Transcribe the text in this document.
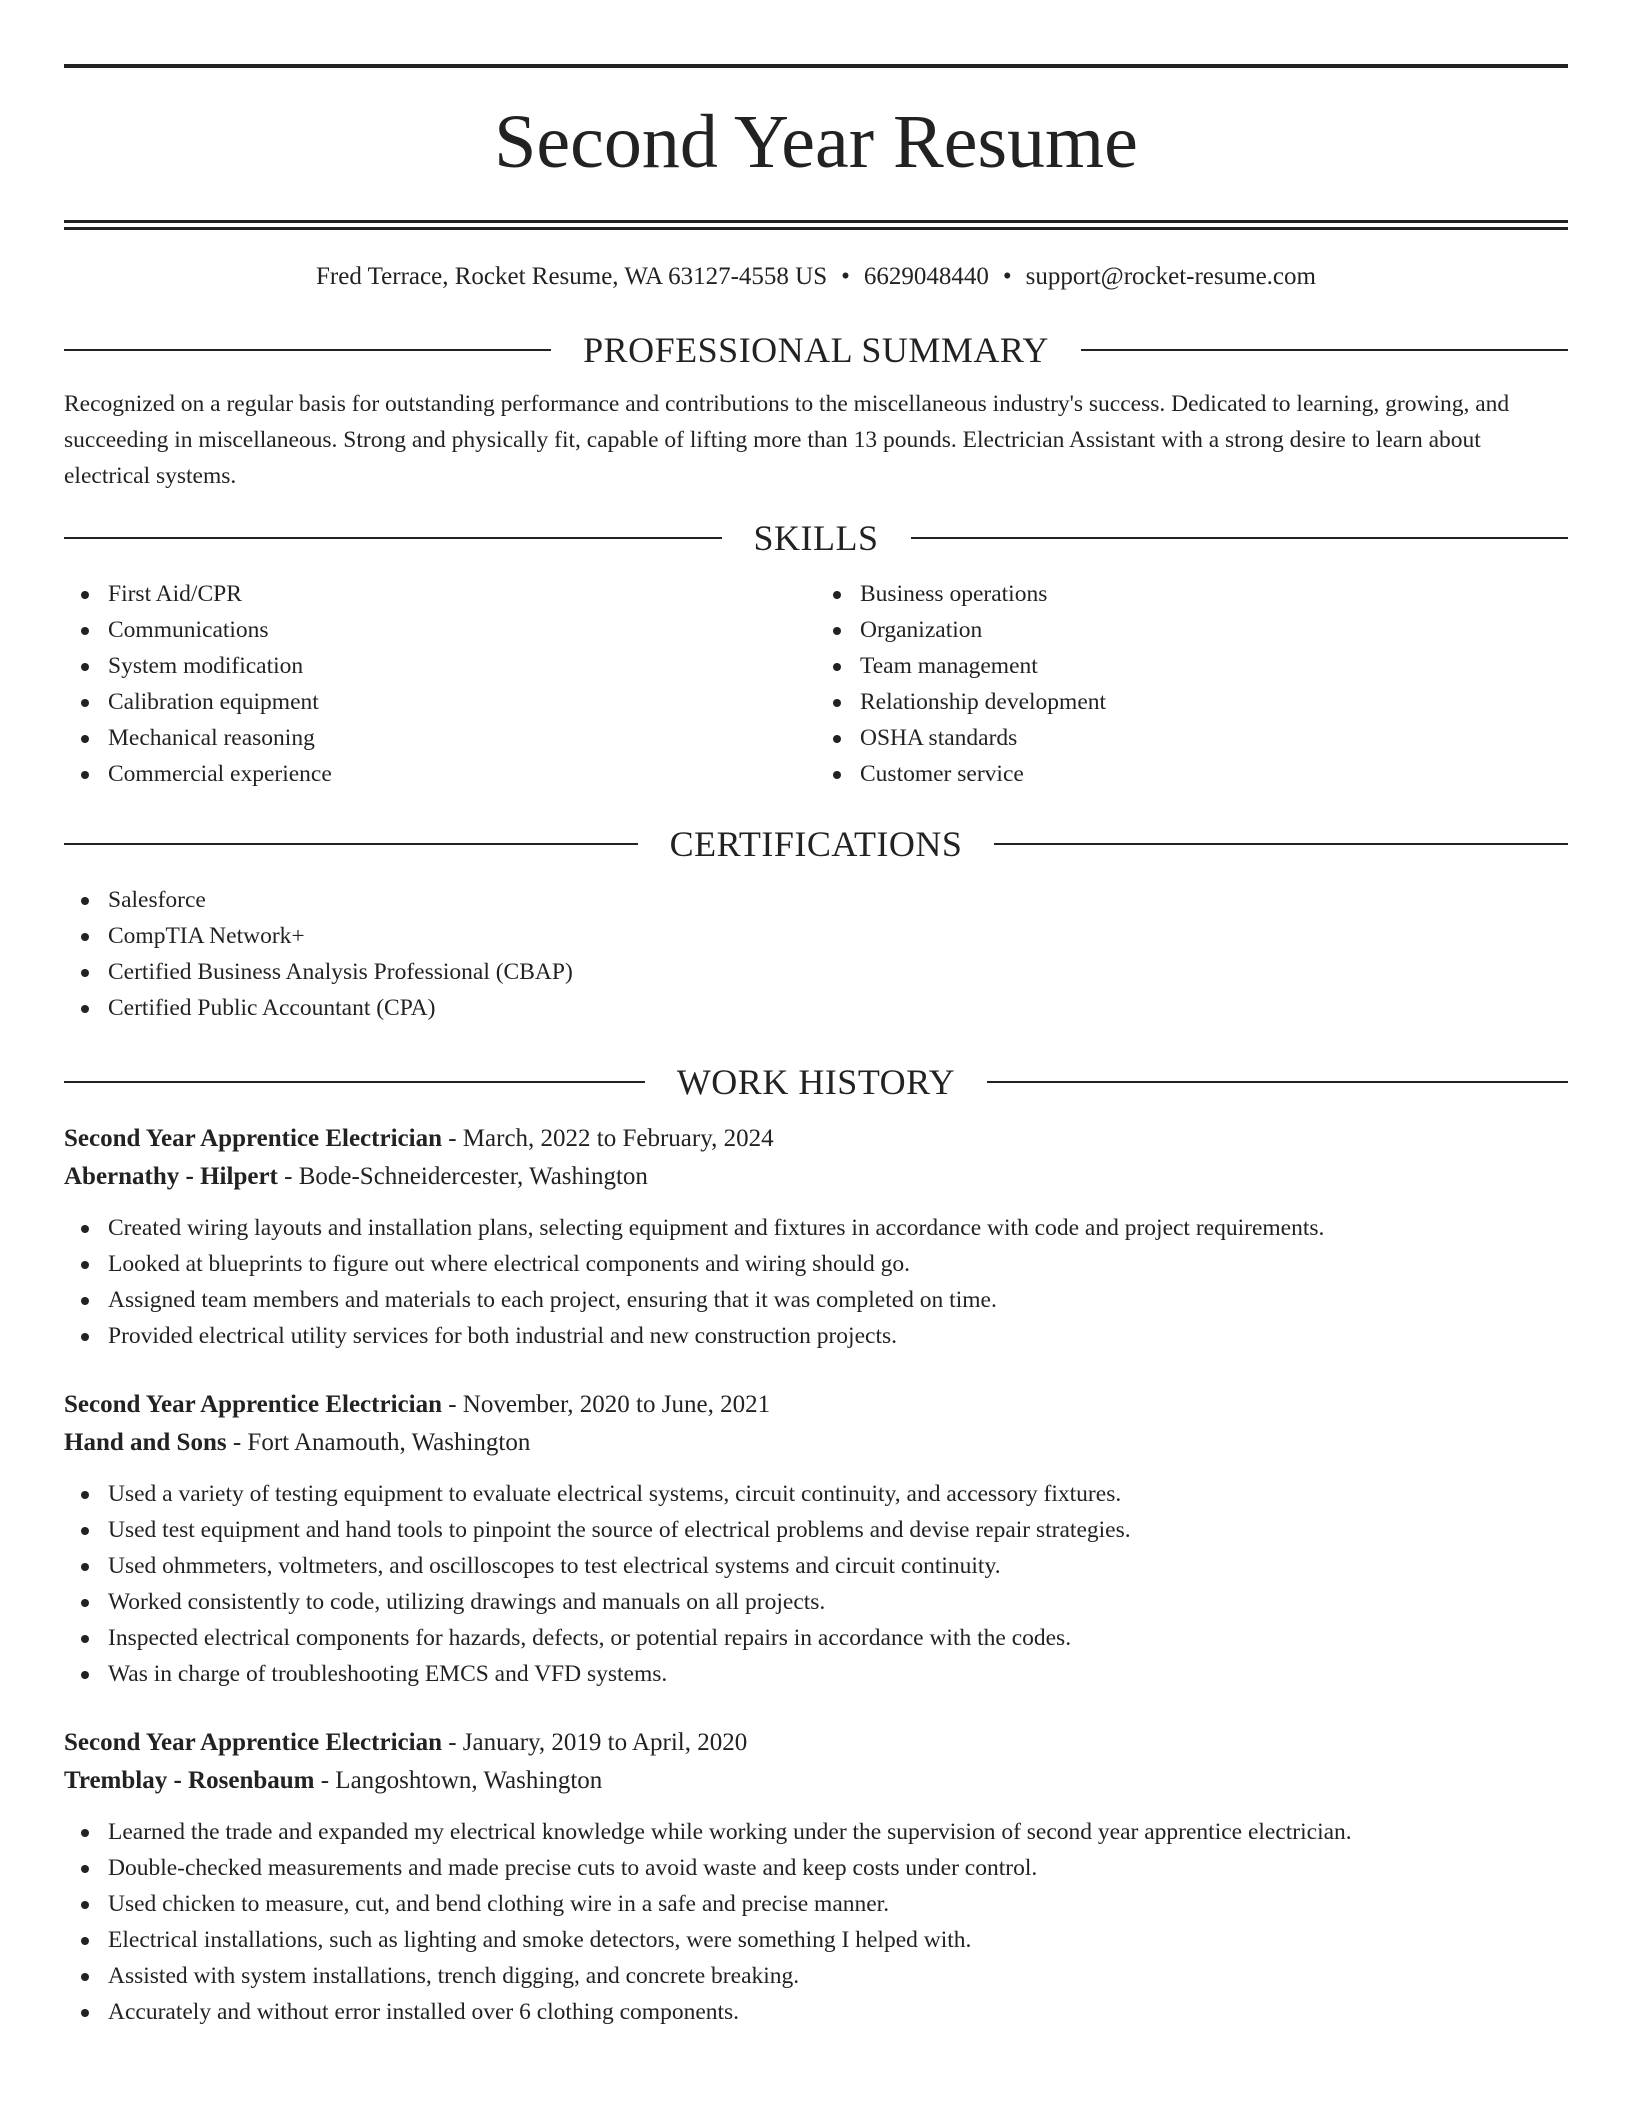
Second Year Resume
Fred Terrace, Rocket Resume, WA 63127-4558 US • 6629048440 • support@rocket-resume.com
PROFESSIONAL SUMMARY

Recognized on a regular basis for outstanding performance and contributions to the miscellaneous industry's success. Dedicated to learning, growing, and succeeding in miscellaneous. Strong and physically fit, capable of lifting more than 13 pounds. Electrician Assistant with a strong desire to learn about electrical systems.

SKILLS
First Aid/CPR
Communications
System modification
Calibration equipment
Mechanical reasoning
Commercial experience
Business operations
Organization
Team management
Relationship development
OSHA standards
Customer service
CERTIFICATIONS
Salesforce
CompTIA Network+
Certified Business Analysis Professional (CBAP)
Certified Public Accountant (CPA)
WORK HISTORY
Second Year Apprentice Electrician - March, 2022 to February, 2024
Abernathy - Hilpert - Bode-Schneidercester, Washington
Created wiring layouts and installation plans, selecting equipment and fixtures in accordance with code and project requirements.
Looked at blueprints to figure out where electrical components and wiring should go.
Assigned team members and materials to each project, ensuring that it was completed on time.
Provided electrical utility services for both industrial and new construction projects.
Second Year Apprentice Electrician - November, 2020 to June, 2021
Hand and Sons - Fort Anamouth, Washington
Used a variety of testing equipment to evaluate electrical systems, circuit continuity, and accessory fixtures.
Used test equipment and hand tools to pinpoint the source of electrical problems and devise repair strategies.
Used ohmmeters, voltmeters, and oscilloscopes to test electrical systems and circuit continuity.
Worked consistently to code, utilizing drawings and manuals on all projects.
Inspected electrical components for hazards, defects, or potential repairs in accordance with the codes.
Was in charge of troubleshooting EMCS and VFD systems.
Second Year Apprentice Electrician - January, 2019 to April, 2020
Tremblay - Rosenbaum - Langoshtown, Washington
Learned the trade and expanded my electrical knowledge while working under the supervision of second year apprentice electrician.
Double-checked measurements and made precise cuts to avoid waste and keep costs under control.
Used chicken to measure, cut, and bend clothing wire in a safe and precise manner.
Electrical installations, such as lighting and smoke detectors, were something I helped with.
Assisted with system installations, trench digging, and concrete breaking.
Accurately and without error installed over 6 clothing components.
